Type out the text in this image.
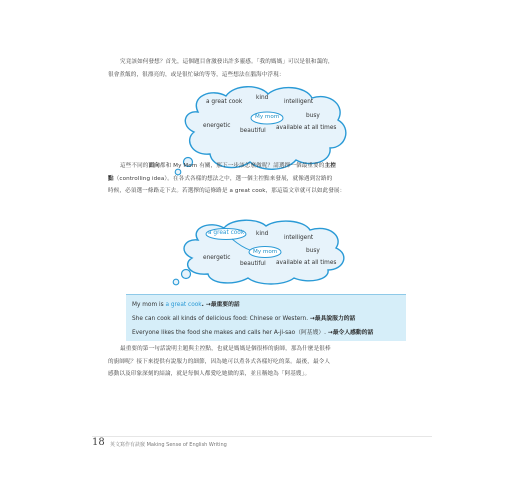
究竟該如何發想？首先，這個題目會激發出許多靈感。「我的媽媽」可以是很和藹的，
很會煮飯的，很漂亮的，或是很忙碌的等等，這些想法在腦海中浮現：
a great cook
kind
intelligent
My mom	busy
energetic
beautiful available at all times
這些不同的面向都和 My Mom 有關，那下一步該怎麼做呢？請選擇一個最重要的主控
點（controlling idea）。在各式各樣的想法之中，選一個主控點來發展，就像遇到岔路的
時候，必須選一條路走下去。若選擇的這條路是 a great cook，那這篇文章就可以如此發展：
a great cook kind
intelligent
My mom	busy
energetic
beautiful available at all times
My mom is a great cook. →最重要的話
She can cook all kinds of delicious food: Chinese or Western. →最具說服力的話
Everyone likes the food she makes and calls her A-ji-sao（阿基嫂）. →最令人感動的話
最重要的第一句話說明主題與主控點，也就是媽媽是個很棒的廚師，那為什麼是很棒
的廚師呢？接下來提供有說服力的細節，因為她可以煮各式各樣好吃的菜。最後，最令人
感動以及印象深刻的結論，就是每個人都愛吃她做的菜，並且稱她為「阿基嫂」。
18 英文寫作有訣竅 Making Sense of English Writing
